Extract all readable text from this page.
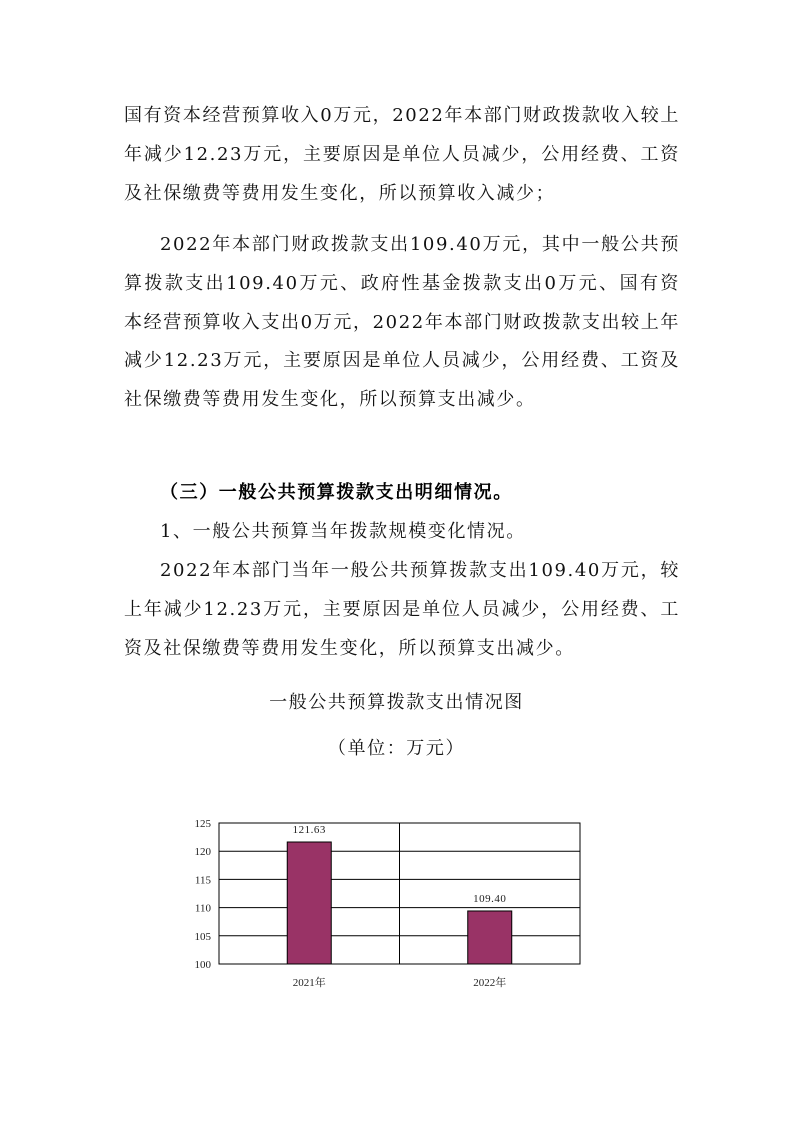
国有资本经营预算收入0万元，2022年本部门财政拨款收入较上年减少12.23万元，主要原因是单位人员减少，公用经费、工资及社保缴费等费用发生变化，所以预算收入减少；

2022年本部门财政拨款支出109.40万元，其中一般公共预算拨款支出109.40万元、政府性基金拨款支出0万元、国有资本经营预算收入支出0万元，2022年本部门财政拨款支出较上年减少12.23万元，主要原因是单位人员减少，公用经费、工资及社保缴费等费用发生变化，所以预算支出减少。

（三）一般公共预算拨款支出明细情况。

1、一般公共预算当年拨款规模变化情况。

2022年本部门当年一般公共预算拨款支出109.40万元，较上年减少12.23万元，主要原因是单位人员减少，公用经费、工资及社保缴费等费用发生变化，所以预算支出减少。

一般公共预算拨款支出情况图

（单位：万元）

100
105
110
115
120
125
121.63
109.40
2021年	2022年
